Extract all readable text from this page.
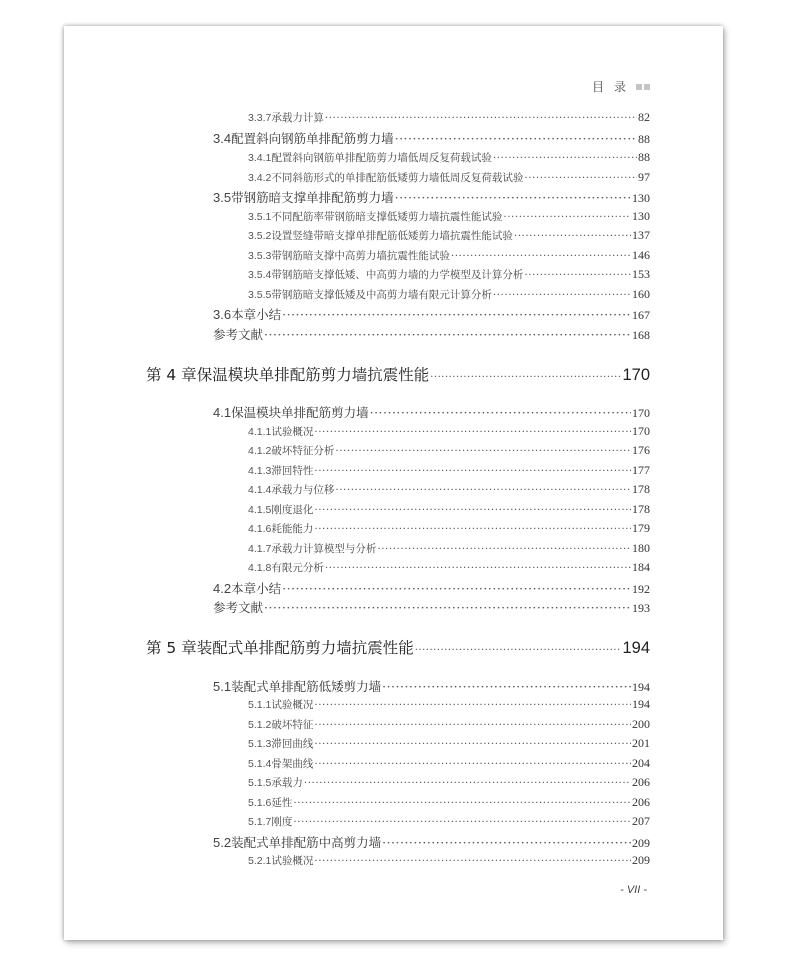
目 录
3.3.7 承载力计算 ·····	82
3.4 配置斜向钢筋单排配筋剪力墙 ·····	88
3.4.1 配置斜向钢筋单排配筋剪力墙低周反复荷载试验 ·····	88
3.4.2 不同斜筋形式的单排配筋低矮剪力墙低周反复荷载试验 ·····	97
3.5 带钢筋暗支撑单排配筋剪力墙 ·····	130
3.5.1 不同配筋率带钢筋暗支撑低矮剪力墙抗震性能试验 ·····	130
3.5.2 设置竖缝带暗支撑单排配筋低矮剪力墙抗震性能试验 ·····	137
3.5.3 带钢筋暗支撑中高剪力墙抗震性能试验 ·····	146
3.5.4 带钢筋暗支撑低矮、中高剪力墙的力学模型及计算分析 ·····	153
3.5.5 带钢筋暗支撑低矮及中高剪力墙有限元计算分析 ·····	160
3.6 本章小结 ·····	167
参考文献 ·····	168
第 4 章 保温模块单排配筋剪力墙抗震性能 ·····	170
4.1 保温模块单排配筋剪力墙 ·····	170
4.1.1 试验概况 ·····	170
4.1.2 破坏特征分析 ·····	176
4.1.3 滞回特性 ·····	177
4.1.4 承载力与位移 ·····	178
4.1.5 刚度退化 ·····	178
4.1.6 耗能能力 ·····	179
4.1.7 承载力计算模型与分析 ·····	180
4.1.8 有限元分析 ·····	184
4.2 本章小结 ·····	192
参考文献 ·····	193
第 5 章 装配式单排配筋剪力墙抗震性能 ·····	194
5.1 装配式单排配筋低矮剪力墙 ·····	194
5.1.1 试验概况 ·····	194
5.1.2 破坏特征 ·····	200
5.1.3 滞回曲线 ·····	201
5.1.4 骨架曲线 ·····	204
5.1.5 承载力 ·····	206
5.1.6 延性 ·····	206
5.1.7 刚度 ·····	207
5.2 装配式单排配筋中高剪力墙 ·····	209
5.2.1 试验概况 ·····	209
- VII -
